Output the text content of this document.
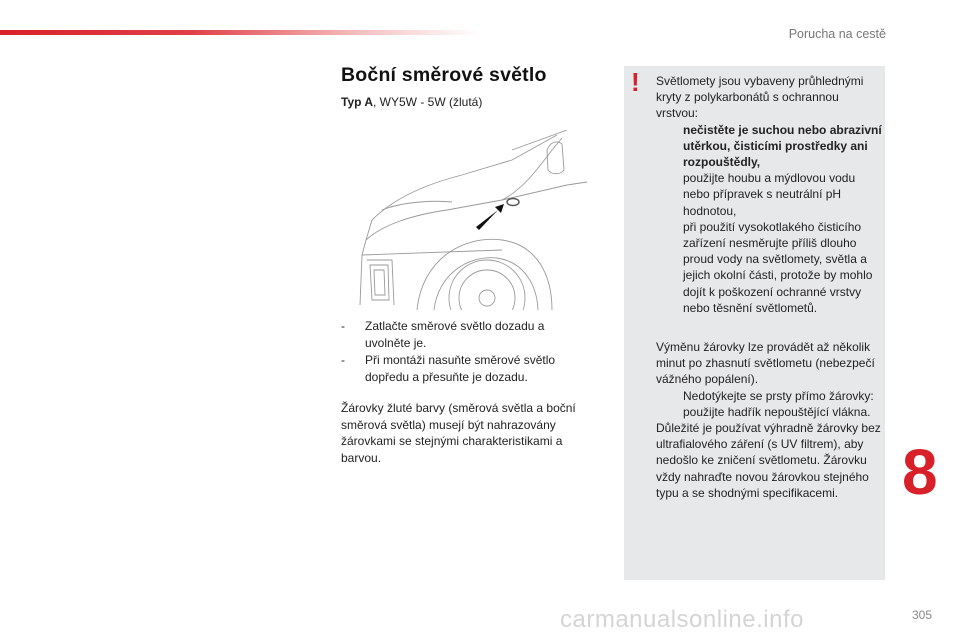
Porucha na cestě
Boční směrové světlo
Typ A, WY5W - 5W (žlutá)
- Zatlačte směrové světlo dozadu a uvolněte je.
- Při montáži nasuňte směrové světlo dopředu a přesuňte je dozadu.

Žárovky žluté barvy (směrová světla a boční směrová světla) musejí být nahrazovány žárovkami se stejnými charakteristikami a barvou.

! Světlomety jsou vybaveny průhlednými kryty z polykarbonátů s ochrannou vrstvou:

nečistěte je suchou nebo abrazivní utěrkou, čisticími prostředky ani rozpouštědly,
použijte houbu a mýdlovou vodu nebo přípravek s neutrální pH hodnotou,
při použití vysokotlakého čisticího zařízení nesměrujte příliš dlouho proud vody na světlomety, světla a jejich okolní části, protože by mohlo dojít k poškození ochranné vrstvy nebo těsnění světlometů.

Výměnu žárovky lze provádět až několik minut po zhasnutí světlometu (nebezpečí vážného popálení).

Nedotýkejte se prsty přímo žárovky: použijte hadřík nepouštějící vlákna.

Důležité je používat výhradně žárovky bez ultrafialového záření (s UV filtrem), aby nedošlo ke zničení světlometu. Žárovku vždy nahraďte novou žárovkou stejného typu a se shodnými specifikacemi. 8
305
carmanualsonline.info
